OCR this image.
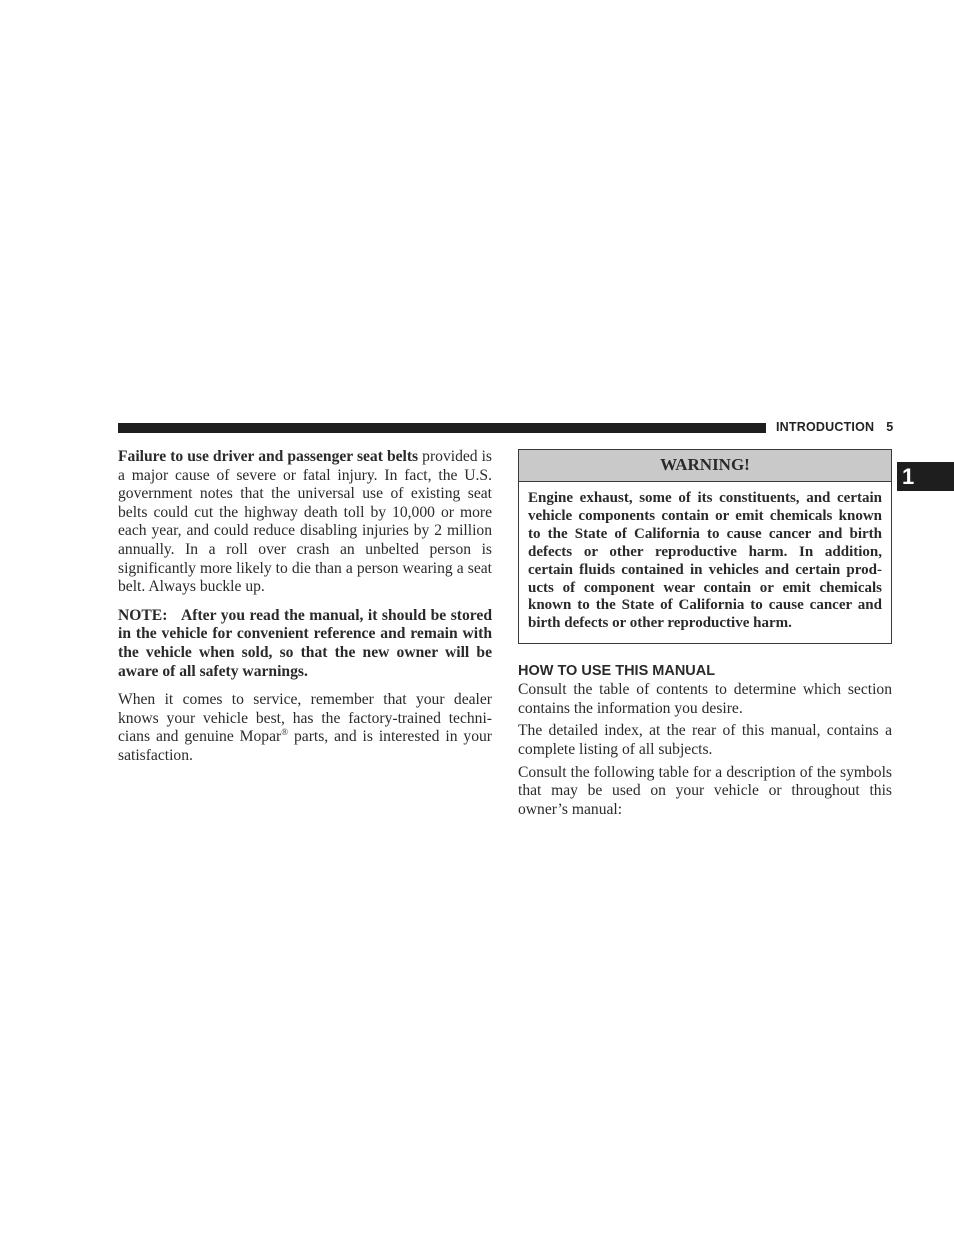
INTRODUCTION 5
1

Failure to use driver and passenger seat belts provided is a major cause of severe or fatal injury. In fact, the U.S. government notes that the universal use of existing seat belts could cut the highway death toll by 10,000 or more each year, and could reduce disabling injuries by 2 million annually. In a roll over crash an unbelted person is significantly more likely to die than a person wearing a seat belt. Always buckle up.

NOTE: After you read the manual, it should be stored in the vehicle for convenient reference and remain with the vehicle when sold, so that the new owner will be aware of all safety warnings.

When it comes to service, remember that your dealer knows your vehicle best, has the factory-trained techni-cians and genuine Mopar® parts, and is interested in your satisfaction.

WARNING!
Engine exhaust, some of its constituents, and certain vehicle components contain or emit chemicals known to the State of California to cause cancer and birth defects or other reproductive harm. In addition, certain fluids contained in vehicles and certain prod-ucts of component wear contain or emit chemicals known to the State of California to cause cancer and birth defects or other reproductive harm.
HOW TO USE THIS MANUAL

Consult the table of contents to determine which section contains the information you desire.

The detailed index, at the rear of this manual, contains a complete listing of all subjects.

Consult the following table for a description of the symbols that may be used on your vehicle or throughout this owner’s manual:
